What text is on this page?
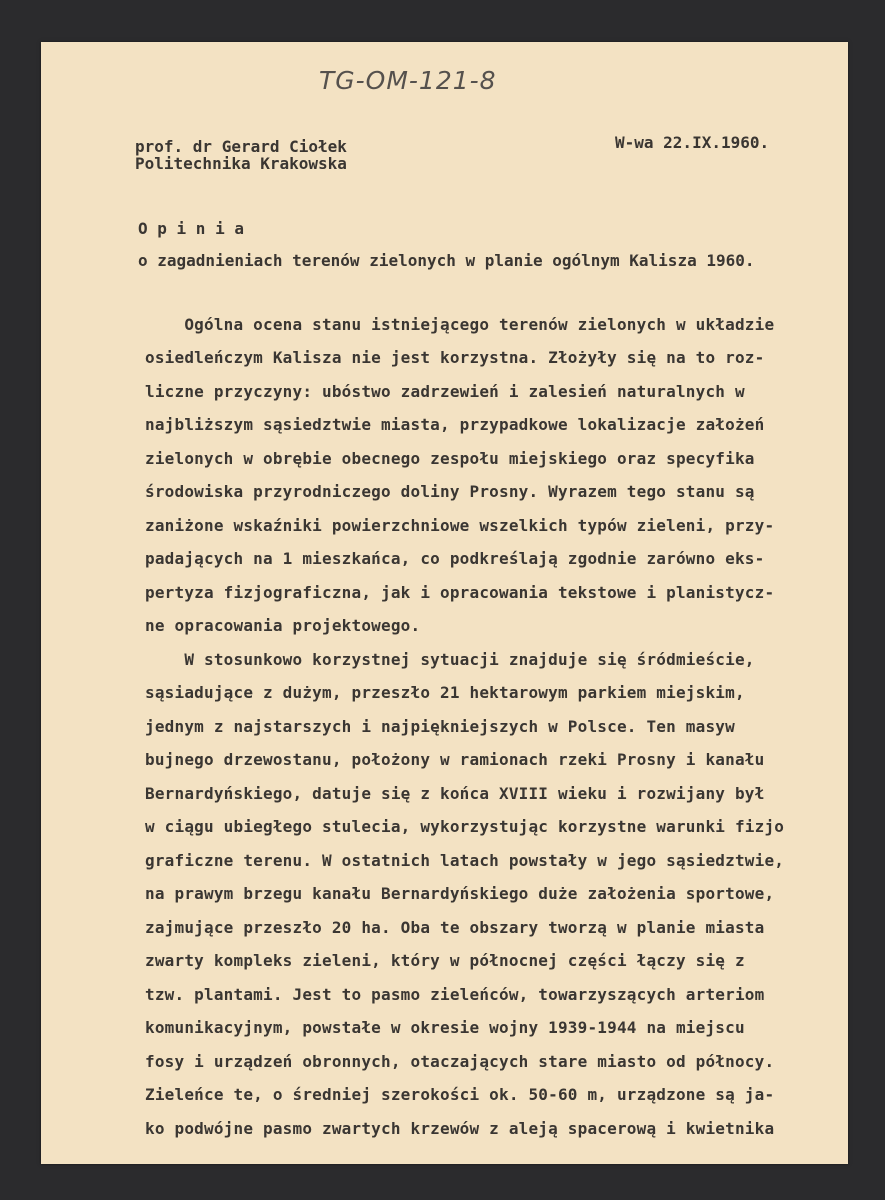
TG-OM-121-8
prof. dr Gerard Ciołek
Politechnika Krakowska
W-wa 22.IX.1960.
O p i n i a
o zagadnieniach terenów zielonych w planie ogólnym Kalisza 1960.
Ogólna ocena stanu istniejącego terenów zielonych w układzie
osiedleńczym Kalisza nie jest korzystna. Złożyły się na to roz-
liczne przyczyny: ubóstwo zadrzewień i zalesień naturalnych w
najbliższym sąsiedztwie miasta, przypadkowe lokalizacje założeń
zielonych w obrębie obecnego zespołu miejskiego oraz specyfika
środowiska przyrodniczego doliny Prosny. Wyrazem tego stanu są
zaniżone wskaźniki powierzchniowe wszelkich typów zieleni, przy-
padających na 1 mieszkańca, co podkreślają zgodnie zarówno eks-
pertyza fizjograficzna, jak i opracowania tekstowe i planistycz-
ne opracowania projektowego.
W stosunkowo korzystnej sytuacji znajduje się śródmieście,
sąsiadujące z dużym, przeszło 21 hektarowym parkiem miejskim,
jednym z najstarszych i najpiękniejszych w Polsce. Ten masyw
bujnego drzewostanu, położony w ramionach rzeki Prosny i kanału
Bernardyńskiego, datuje się z końca XVIII wieku i rozwijany był
w ciągu ubiegłego stulecia, wykorzystując korzystne warunki fizjo
graficzne terenu. W ostatnich latach powstały w jego sąsiedztwie,
na prawym brzegu kanału Bernardyńskiego duże założenia sportowe,
zajmujące przeszło 20 ha. Oba te obszary tworzą w planie miasta
zwarty kompleks zieleni, który w północnej części łączy się z
tzw. plantami. Jest to pasmo zieleńców, towarzyszących arteriom
komunikacyjnym, powstałe w okresie wojny 1939-1944 na miejscu
fosy i urządzeń obronnych, otaczających stare miasto od północy.
Zieleńce te, o średniej szerokości ok. 50-60 m, urządzone są ja-
ko podwójne pasmo zwartych krzewów z aleją spacerową i kwietnika
